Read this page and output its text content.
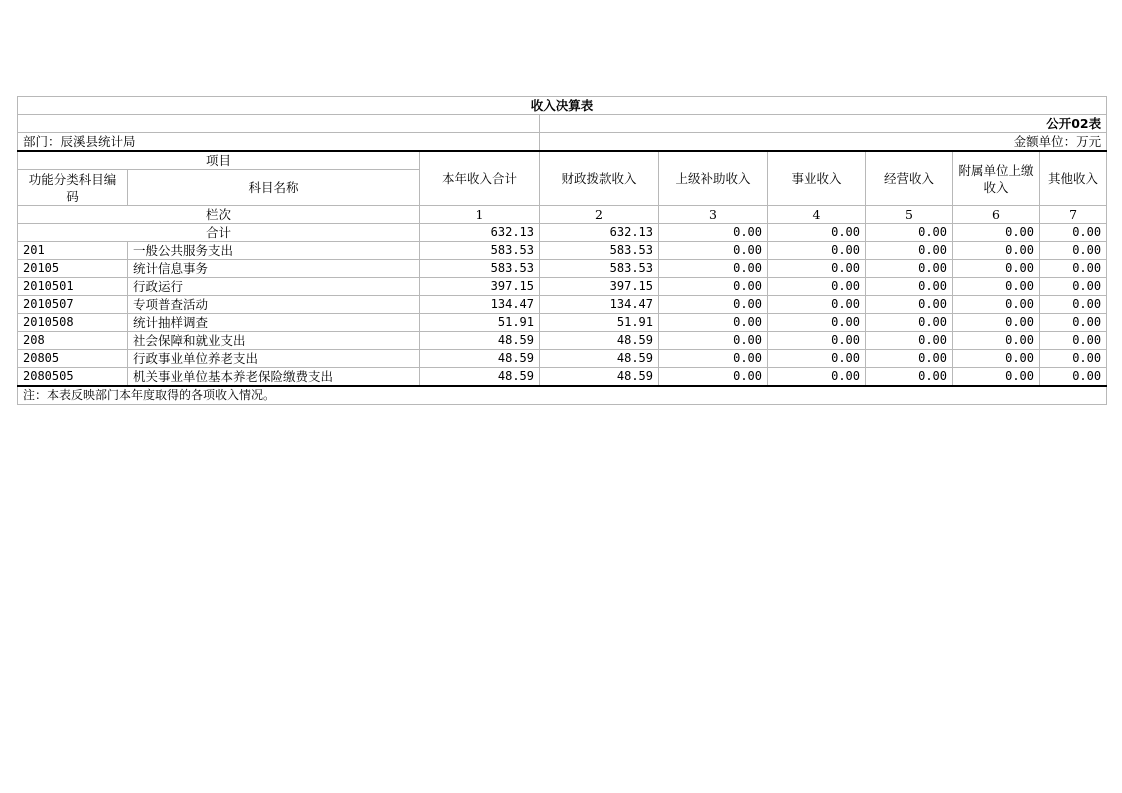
收入决算表								
			公开02表					
部门：辰溪县统计局			金额单位：万元					
项目		本年收入合计	财政拨款收入	上级补助收入	事业收入	经营收入	附属单位上缴收入	其他收入
功能分类科目编码	科目名称							
栏次		1	2	3	4	5	6	7
合计		632.13	632.13	0.00	0.00	0.00	0.00	0.00
201	一般公共服务支出	583.53	583.53	0.00	0.00	0.00	0.00	0.00
20105	统计信息事务	583.53	583.53	0.00	0.00	0.00	0.00	0.00
2010501	行政运行	397.15	397.15	0.00	0.00	0.00	0.00	0.00
2010507	专项普查活动	134.47	134.47	0.00	0.00	0.00	0.00	0.00
2010508	统计抽样调查	51.91	51.91	0.00	0.00	0.00	0.00	0.00
208	社会保障和就业支出	48.59	48.59	0.00	0.00	0.00	0.00	0.00
20805	行政事业单位养老支出	48.59	48.59	0.00	0.00	0.00	0.00	0.00
2080505	机关事业单位基本养老保险缴费支出	48.59	48.59	0.00	0.00	0.00	0.00	0.00
注：本表反映部门本年度取得的各项收入情况。								
